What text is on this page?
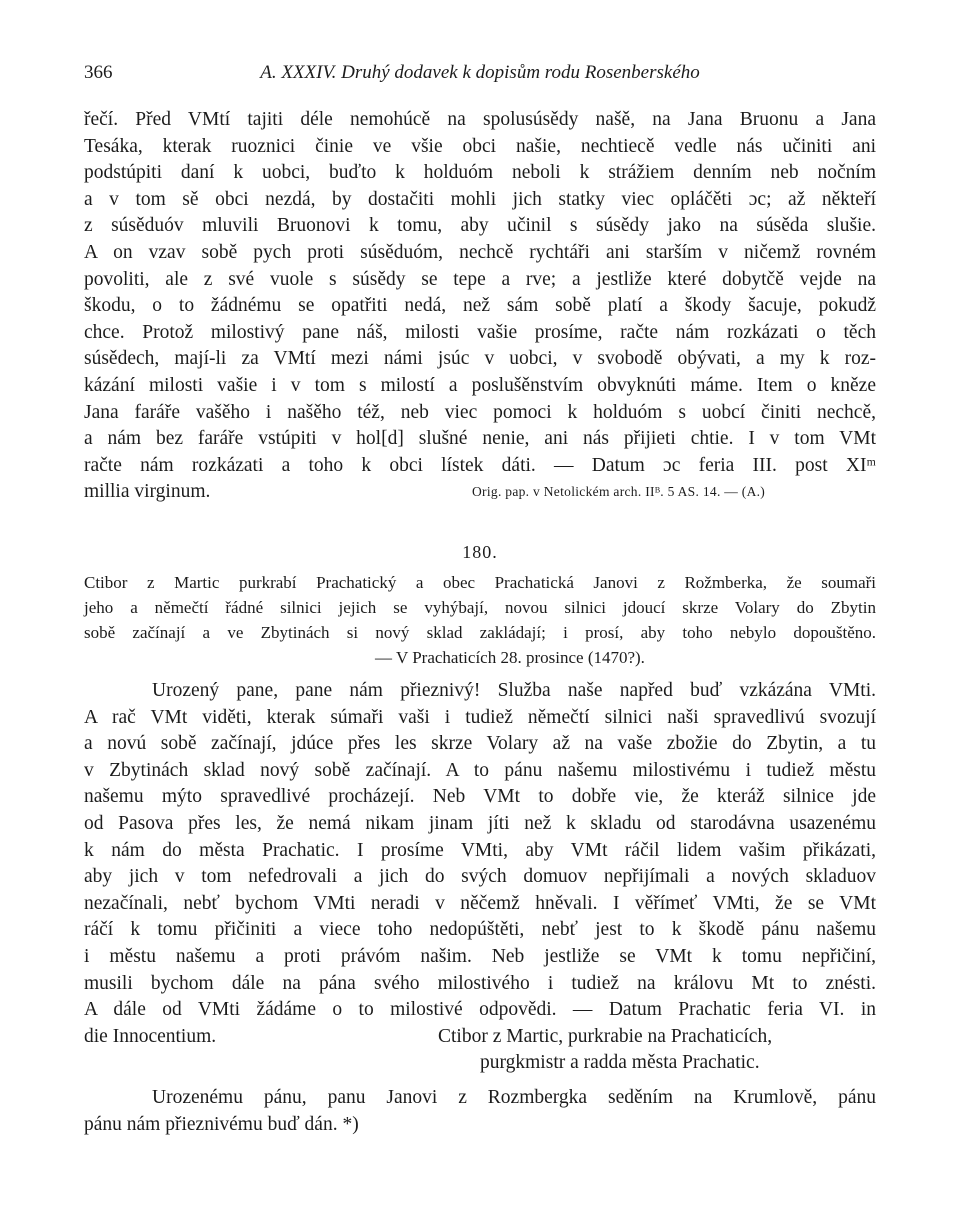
366	A. XXXIV. Druhý dodavek k dopisům rodu Rosenberského
řečí. Před VMtí tajiti déle nemohúcě na spolusúsědy našě, na Jana Bruonu a Jana
Tesáka, kterak ruoznici činie ve všie obci našie, nechtiecě vedle nás učiniti ani
podstúpiti daní k uobci, buďto k holduóm neboli k strážiem denním neb nočním
a v tom sě obci nezdá, by dostačiti mohli jich statky viec opláčěti ɔc; až někteří
z súsěduóv mluvili Bruonovi k tomu, aby učinil s súsědy jako na súsěda slušie.
A on vzav sobě pych proti súsěduóm, nechcě rychtáři ani starším v ničemž rovném
povoliti, ale z své vuole s súsědy se tepe a rve; a jestliže které dobytčě vejde na
škodu, o to žádnému se opatřiti nedá, než sám sobě platí a škody šacuje, pokudž
chce. Protož milostivý pane náš, milosti vašie prosíme, račte nám rozkázati o těch
súsědech, mají-li za VMtí mezi námi jsúc v uobci, v svobodě obývati, a my k roz-
kázání milosti vašie i v tom s milostí a poslušěnstvím obvyknúti máme. Item o kněze
Jana faráře vašěho i našěho též, neb viec pomoci k holduóm s uobcí činiti nechcě,
a nám bez faráře vstúpiti v hol[d] slušné nenie, ani nás přijieti chtie. I v tom VMt
račte nám rozkázati a toho k obci lístek dáti. — Datum ɔc feria III. post XIᵐ
millia virginum.	Orig. pap. v Netolickém arch. IIᴮ. 5 AS. 14. — (A.)
180.
Ctibor z Martic purkrabí Prachatický a obec Prachatická Janovi z Rožmberka, že soumaři
jeho a němečtí řádné silnici jejich se vyhýbají, novou silnici jdoucí skrze Volary do Zbytin
sobě začínají a ve Zbytinách si nový sklad zakládají; i prosí, aby toho nebylo dopouštěno.
— V Prachaticích 28. prosince (1470?).
Urozený pane, pane nám přieznivý! Služba naše napřed buď vzkázána VMti.
A rač VMt viděti, kterak súmaři vaši i tudiež němečtí silnici naši spravedlivú svozují
a novú sobě začínají, jdúce přes les skrze Volary až na vaše zbožie do Zbytin, a tu
v Zbytinách sklad nový sobě začínají. A to pánu našemu milostivému i tudiež městu
našemu mýto spravedlivé procházejí. Neb VMt to dobře vie, že kteráž silnice jde
od Pasova přes les, že nemá nikam jinam jíti než k skladu od starodávna usazenému
k nám do města Prachatic. I prosíme VMti, aby VMt ráčil lidem vašim přikázati,
aby jich v tom nefedrovali a jich do svých domuov nepřijímali a nových skladuov
nezačínali, nebť bychom VMti neradi v něčemž hněvali. I věřímeť VMti, že se VMt
ráčí k tomu přičiniti a viece toho nedopúštěti, nebť jest to k škodě pánu našemu
i městu našemu a proti právóm našim. Neb jestliže se VMt k tomu nepřičiní,
musili bychom dále na pána svého milostivého i tudiež na královu Mt to znésti.
A dále od VMti žádáme o to milostivé odpovědi. — Datum Prachatic feria VI. in
die Innocentium.	Ctibor z Martic, purkrabie na Prachaticích,
purgkmistr a radda města Prachatic.
Urozenému pánu, panu Janovi z Rozmbergka seděním na Krumlově, pánu
pánu nám přieznivému buď dán. *)
